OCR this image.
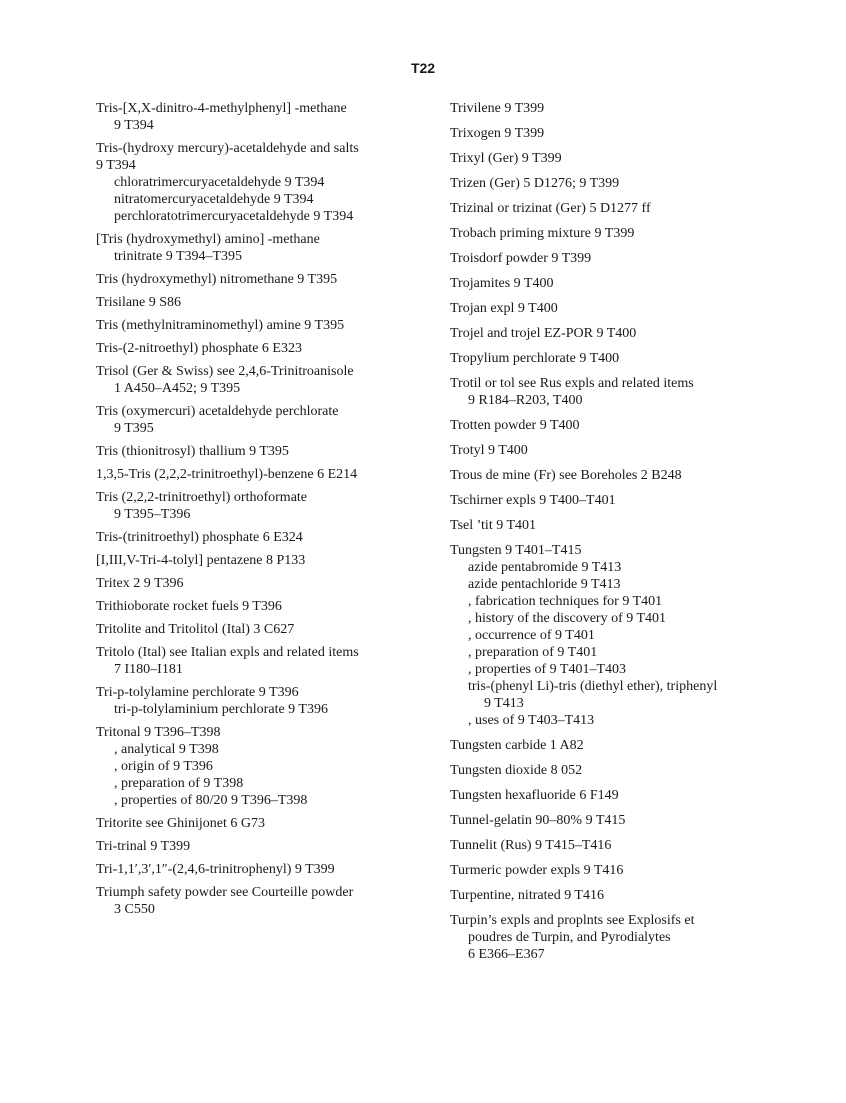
T22
Tris-[X,X-dinitro-4-methylphenyl] -methane
9 T394
Tris-(hydroxy mercury)-acetaldehyde and salts
9 T394
chloratrimercuryacetaldehyde 9 T394
nitratomercuryacetaldehyde 9 T394
perchloratotrimercuryacetaldehyde 9 T394
[Tris (hydroxymethyl) amino] -methane
trinitrate 9 T394–T395
Tris (hydroxymethyl) nitromethane 9 T395
Trisilane 9 S86
Tris (methylnitraminomethyl) amine 9 T395
Tris-(2-nitroethyl) phosphate 6 E323
Trisol (Ger & Swiss) see 2,4,6-Trinitroanisole
1 A450–A452; 9 T395
Tris (oxymercuri) acetaldehyde perchlorate
9 T395
Tris (thionitrosyl) thallium 9 T395
1,3,5-Tris (2,2,2-trinitroethyl)-benzene 6 E214
Tris (2,2,2-trinitroethyl) orthoformate
9 T395–T396
Tris-(trinitroethyl) phosphate 6 E324
[I,III,V-Tri-4-tolyl] pentazene 8 P133
Tritex 2 9 T396
Trithioborate rocket fuels 9 T396
Tritolite and Tritolitol (Ital) 3 C627
Tritolo (Ital) see Italian expls and related items
7 I180–I181
Tri-p-tolylamine perchlorate 9 T396
tri-p-tolylaminium perchlorate 9 T396
Tritonal 9 T396–T398
, analytical 9 T398
, origin of 9 T396
, preparation of 9 T398
, properties of 80/20 9 T396–T398
Tritorite see Ghinijonet 6 G73
Tri-trinal 9 T399
Tri-1,1′,3′,1″-(2,4,6-trinitrophenyl) 9 T399
Triumph safety powder see Courteille powder
3 C550
Trivilene 9 T399
Trixogen 9 T399
Trixyl (Ger) 9 T399
Trizen (Ger) 5 D1276; 9 T399
Trizinal or trizinat (Ger) 5 D1277 ff
Trobach priming mixture 9 T399
Troisdorf powder 9 T399
Trojamites 9 T400
Trojan expl 9 T400
Trojel and trojel EZ-POR 9 T400
Tropylium perchlorate 9 T400
Trotil or tol see Rus expls and related items
9 R184–R203, T400
Trotten powder 9 T400
Trotyl 9 T400
Trous de mine (Fr) see Boreholes 2 B248
Tschirner expls 9 T400–T401
Tsel ’tit 9 T401
Tungsten 9 T401–T415
azide pentabromide 9 T413
azide pentachloride 9 T413
, fabrication techniques for 9 T401
, history of the discovery of 9 T401
, occurrence of 9 T401
, preparation of 9 T401
, properties of 9 T401–T403
tris-(phenyl Li)-tris (diethyl ether), triphenyl
9 T413
, uses of 9 T403–T413
Tungsten carbide 1 A82
Tungsten dioxide 8 052
Tungsten hexafluoride 6 F149
Tunnel-gelatin 90–80% 9 T415
Tunnelit (Rus) 9 T415–T416
Turmeric powder expls 9 T416
Turpentine, nitrated 9 T416
Turpin’s expls and proplnts see Explosifs et
poudres de Turpin, and Pyrodialytes
6 E366–E367
